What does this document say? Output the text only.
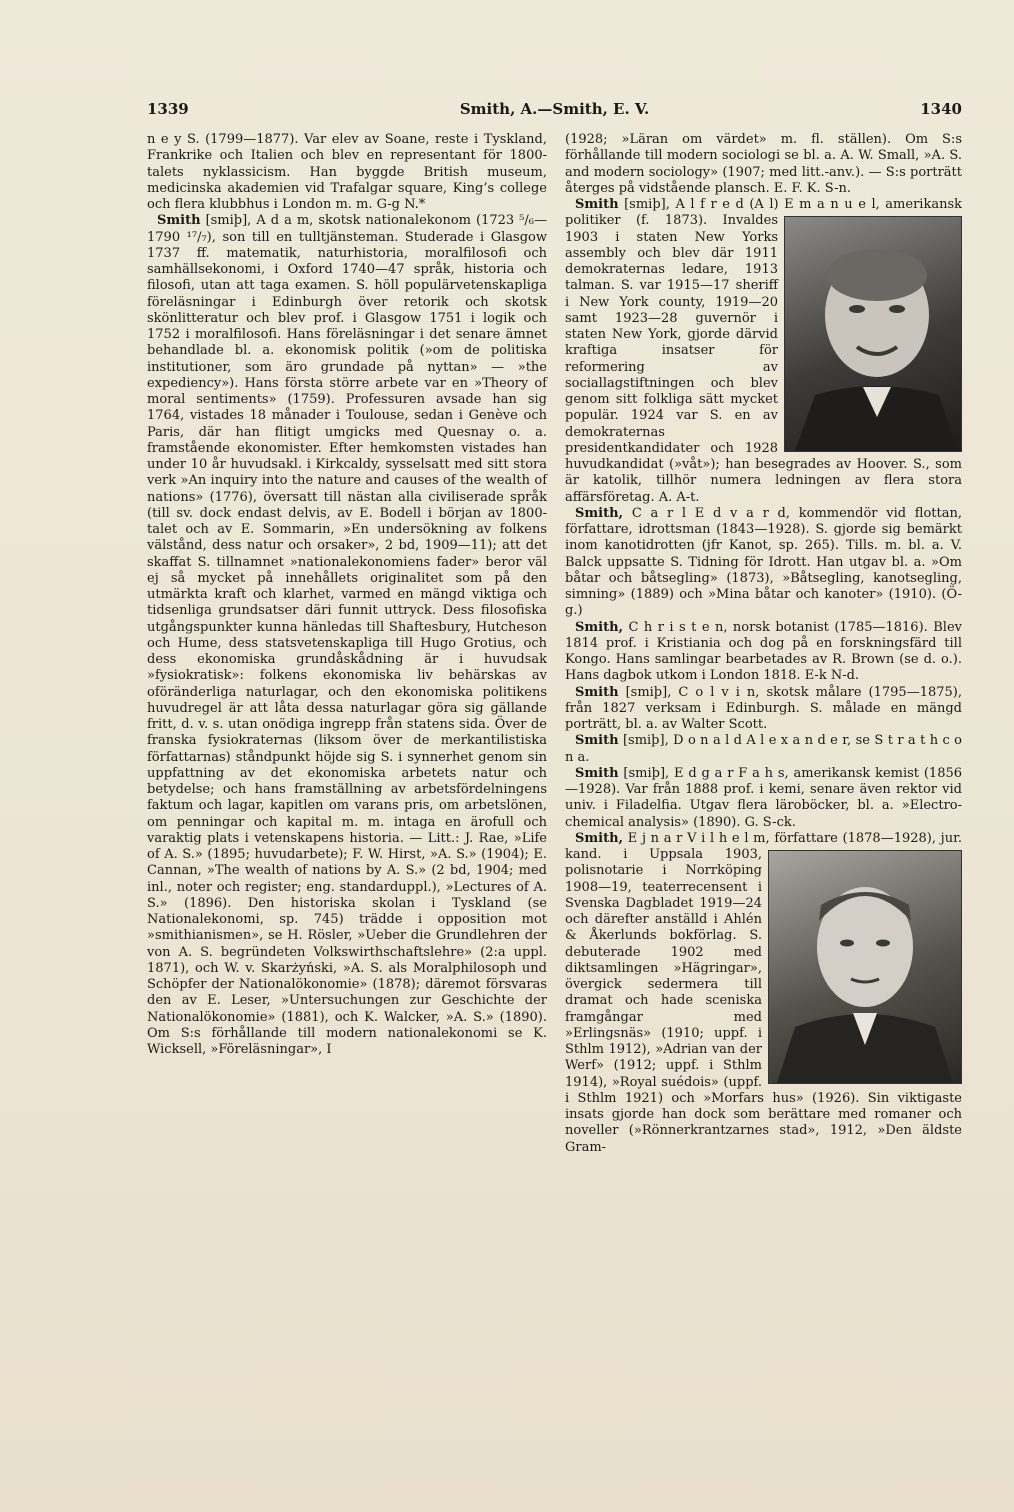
1339	Smith, A.—Smith, E. V.	1340

n e y S. (1799—1877). Var elev av Soane, reste i Tyskland, Frankrike och Italien och blev en representant för 1800-talets nyklassicism. Han byggde British museum, medicinska akademien vid Trafalgar square, King’s college och flera klubbhus i London m. m. G-g N.*

Smith [smiþ], A d a m, skotsk nationalekonom (1723 ⁵/₆—1790 ¹⁷/₇), son till en tulltjänsteman. Studerade i Glasgow 1737 ff. matematik, naturhistoria, moralfilosofi och samhällsekonomi, i Oxford 1740—47 språk, historia och filosofi, utan att taga examen. S. höll populärvetenskapliga föreläsningar i Edinburgh över retorik och skotsk skönlitteratur och blev prof. i Glasgow 1751 i logik och 1752 i moralfilosofi. Hans föreläsningar i det senare ämnet behandlade bl. a. ekonomisk politik (»om de politiska institutioner, som äro grundade på nyttan» — »the expediency»). Hans första större arbete var en »Theory of moral sentiments» (1759). Professuren avsade han sig 1764, vistades 18 månader i Toulouse, sedan i Genève och Paris, där han flitigt umgicks med Quesnay o. a. framstående ekonomister. Efter hemkomsten vistades han under 10 år huvudsakl. i Kirkcaldy, sysselsatt med sitt stora verk »An inquiry into the nature and causes of the wealth of nations» (1776), översatt till nästan alla civiliserade språk (till sv. dock endast delvis, av E. Bodell i början av 1800-talet och av E. Sommarin, »En undersökning av folkens välstånd, dess natur och orsaker», 2 bd, 1909—11); att det skaffat S. tillnamnet »nationalekonomiens fader» beror väl ej så mycket på innehållets originalitet som på den utmärkta kraft och klarhet, varmed en mängd viktiga och tidsenliga grundsatser däri funnit uttryck. Dess filosofiska utgångspunkter kunna hänledas till Shaftesbury, Hutcheson och Hume, dess statsvetenskapliga till Hugo Grotius, och dess ekonomiska grundåskådning är i huvudsak »fysiokratisk»: folkens ekonomiska liv behärskas av oföränderliga naturlagar, och den ekonomiska politikens huvudregel är att låta dessa naturlagar göra sig gällande fritt, d. v. s. utan onödiga ingrepp från statens sida. Över de franska fysiokraternas (liksom över de merkantilistiska författarnas) ståndpunkt höjde sig S. i synnerhet genom sin uppfattning av det ekonomiska arbetets natur och betydelse; och hans framställning av arbetsfördelningens faktum och lagar, kapitlen om varans pris, om arbetslönen, om penningar och kapital m. m. intaga en ärofull och varaktig plats i vetenskapens historia. — Litt.: J. Rae, »Life of A. S.» (1895; huvudarbete); F. W. Hirst, »A. S.» (1904); E. Cannan, »The wealth of nations by A. S.» (2 bd, 1904; med inl., noter och register; eng. standarduppl.), »Lectures of A. S.» (1896). Den historiska skolan i Tyskland (se Nationalekonomi, sp. 745) trädde i opposition mot »smithianismen», se H. Rösler, »Ueber die Grundlehren der von A. S. begründeten Volkswirthschaftslehre» (2:a uppl. 1871), och W. v. Skarżyński, »A. S. als Moralphilosoph und Schöpfer der Nationalökonomie» (1878); däremot försvaras den av E. Leser, »Untersuchungen zur Geschichte der Nationalökonomie» (1881), och K. Walcker, »A. S.» (1890). Om S:s förhållande till modern nationalekonomi se K. Wicksell, »Föreläsningar», I

(1928; »Läran om värdet» m. fl. ställen). Om S:s förhållande till modern sociologi se bl. a. A. W. Small, »A. S. and modern sociology» (1907; med litt.-anv.). — S:s porträtt återges på vidstående plansch. E. F. K. S-n.

Smith [smiþ], A l f r e d (A l) E m a n u e l, amerikansk politiker (f. 1873). Invaldes 1903 i staten New Yorks assembly och blev där 1911 demokraternas ledare, 1913 talman. S. var 1915—17 sheriff i New York county, 1919—20 samt 1923—28 guvernör i staten New York, gjorde därvid kraftiga insatser för reformering av sociallagstiftningen och blev genom sitt folkliga sätt mycket populär. 1924 var S. en av demokraternas presidentkandidater och 1928 huvudkandidat (»våt»); han besegrades av Hoover. S., som är katolik, tillhör numera ledningen av flera stora affärsföretag. A. A-t.

Smith, C a r l E d v a r d, kommendör vid flottan, författare, idrottsman (1843—1928). S. gjorde sig bemärkt inom kanotidrotten (jfr Kanot, sp. 265). Tills. m. bl. a. V. Balck uppsatte S. Tidning för Idrott. Han utgav bl. a. »Om båtar och båtsegling» (1873), »Båtsegling, kanotsegling, simning» (1889) och »Mina båtar och kanoter» (1910). (Ö-g.)

Smith, C h r i s t e n, norsk botanist (1785—1816). Blev 1814 prof. i Kristiania och dog på en forskningsfärd till Kongo. Hans samlingar bearbetades av R. Brown (se d. o.). Hans dagbok utkom i London 1818. E-k N-d.

Smith [smiþ], C o l v i n, skotsk målare (1795—1875), från 1827 verksam i Edinburgh. S. målade en mängd porträtt, bl. a. av Walter Scott.

Smith [smiþ], D o n a l d A l e x a n d e r, se S t r a t h c o n a.

Smith [smiþ], E d g a r F a h s, amerikansk kemist (1856—1928). Var från 1888 prof. i kemi, senare även rektor vid univ. i Filadelfia. Utgav flera läroböcker, bl. a. »Electro-chemical analysis» (1890). G. S-ck.

Smith, E j n a r V i l h e l m, författare (1878—1928), jur. kand. i Uppsala 1903, polisnotarie i Norrköping 1908—19, teaterrecensent i Svenska Dagbladet 1919—24 och därefter anställd i Ahlén & Åkerlunds bokförlag. S. debuterade 1902 med diktsamlingen »Hägringar», övergick sedermera till dramat och hade sceniska framgångar med »Erlingsnäs» (1910; uppf. i Sthlm 1912), »Adrian van der Werf» (1912; uppf. i Sthlm 1914), »Royal suédois» (uppf. i Sthlm 1921) och »Morfars hus» (1926). Sin viktigaste insats gjorde han dock som berättare med romaner och noveller (»Rönnerkrantzarnes stad», 1912, »Den äldste Gram-
